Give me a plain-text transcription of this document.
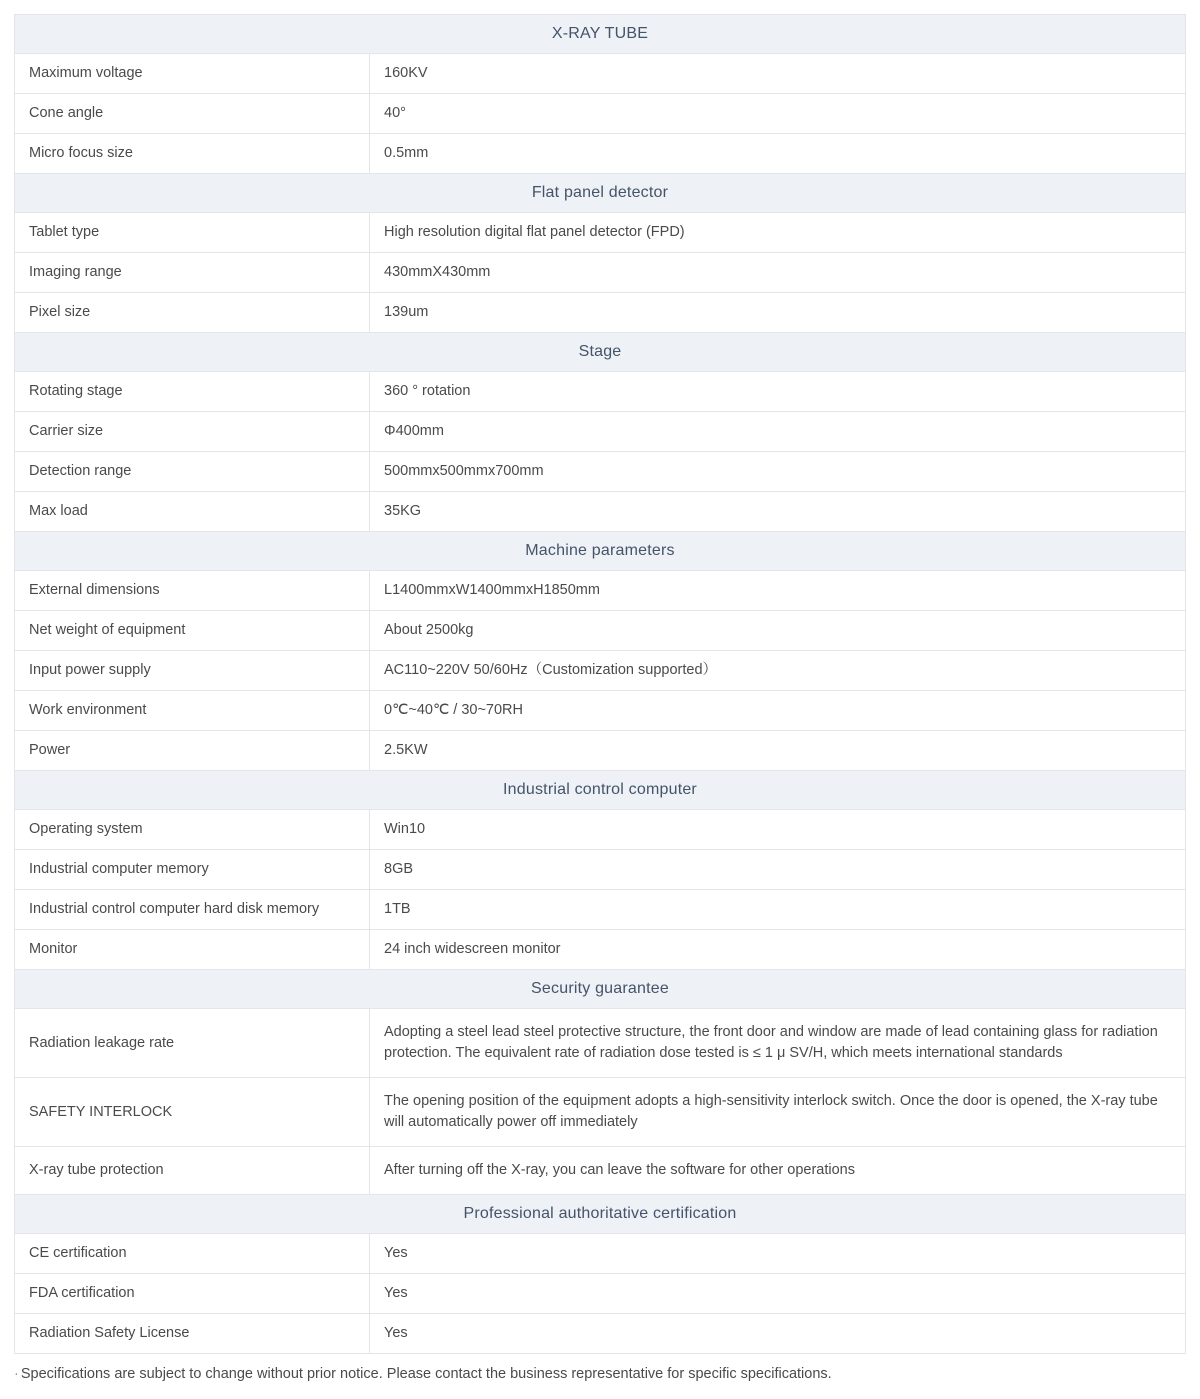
X-RAY TUBE	
Maximum voltage	160KV
Cone angle	40°
Micro focus size	0.5mm
Flat panel detector	
Tablet type	High resolution digital flat panel detector (FPD)
Imaging range	430mmX430mm
Pixel size	139um
Stage	
Rotating stage	360 ° rotation
Carrier size	Φ400mm
Detection range	500mmx500mmx700mm
Max load	35KG
Machine parameters	
External dimensions	L1400mmxW1400mmxH1850mm
Net weight of equipment	About 2500kg
Input power supply	AC110~220V 50/60Hz（Customization supported）
Work environment	0℃~40℃ / 30~70RH
Power	2.5KW
Industrial control computer	
Operating system	Win10
Industrial computer memory	8GB
Industrial control computer hard disk memory	1TB
Monitor	24 inch widescreen monitor
Security guarantee	
Radiation leakage rate	Adopting a steel lead steel protective structure, the front door and window are made of lead containing glass for radiation protection. The equivalent rate of radiation dose tested is ≤ 1 μ SV/H, which meets international standards
SAFETY INTERLOCK	The opening position of the equipment adopts a high-sensitivity interlock switch. Once the door is opened, the X-ray tube will automatically power off immediately
X-ray tube protection	After turning off the X-ray, you can leave the software for other operations
Professional authoritative certification	
CE certification	Yes
FDA certification	Yes
Radiation Safety License	Yes
· Specifications are subject to change without prior notice. Please contact the business representative for specific specifications.
